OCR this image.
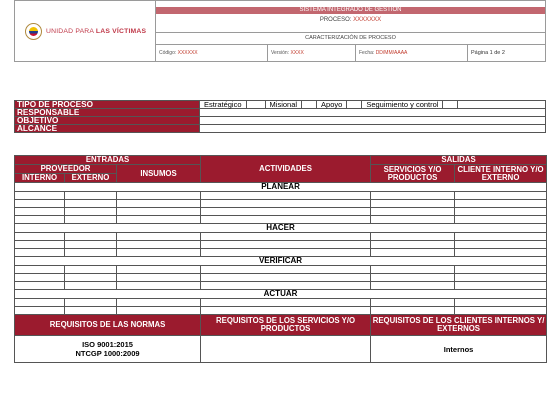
UNIDAD PARA LAS VÍCTIMAS	SISTEMA INTEGRADO DE GESTIÓN
PROCESO: XXXXXXX			

	CARACTERIZACIÓN DE PROCESO			
	Código: XXXXXX	Versión: XXXX	Fecha: DD/MM/AAAA	Página 1 de 2
TIPO DE PROCESO	Estratégico Misional Apoyo Seguimiento y control

RESPONSABLE	
OBJETIVO	
ALCANCE	
ENTRADAS			ACTIVIDADES	SALIDAS	
PROVEEDOR		INSUMOS		SERVICIOS Y/O PRODUCTOS	CLIENTE INTERNO Y/O EXTERNO
INTERNO	EXTERNO				
PLANEAR					

HACER					

VERIFICAR					

ACTUAR					

REQUISITOS DE LAS NORMAS			REQUISITOS DE LOS SERVICIOS Y/O PRODUCTOS	REQUISITOS DE LOS CLIENTES INTERNOS Y/ EXTERNOS	

ISO 9001:2015
NTCGP 1000:2009				Internos	
